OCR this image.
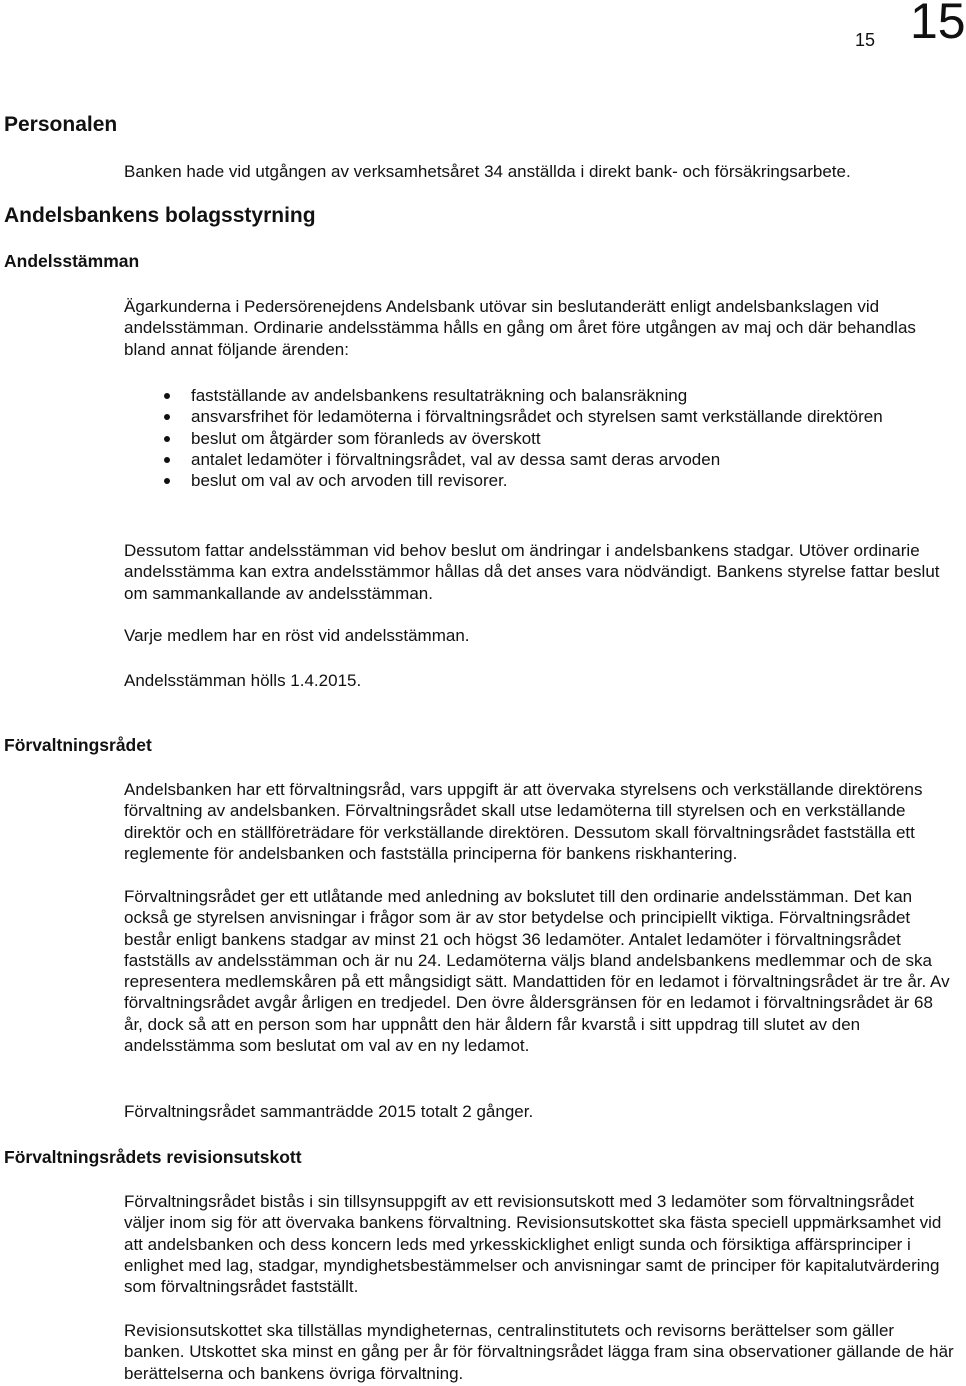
15 15
Personalen

Banken hade vid utgången av verksamhetsåret 34 anställda i direkt bank- och försäkringsarbete.

Andelsbankens bolagsstyrning
Andelsstämman

Ägarkunderna i Pedersörenejdens Andelsbank utövar sin beslutanderätt enligt andelsbankslagen vid andelsstämman. Ordinarie andelsstämma hålls en gång om året före utgången av maj och där behandlas bland annat följande ärenden:

fastställande av andelsbankens resultaträkning och balansräkning
ansvarsfrihet för ledamöterna i förvaltningsrådet och styrelsen samt verkställande direktören
beslut om åtgärder som föranleds av överskott
antalet ledamöter i förvaltningsrådet, val av dessa samt deras arvoden
beslut om val av och arvoden till revisorer.

Dessutom fattar andelsstämman vid behov beslut om ändringar i andelsbankens stadgar. Utöver ordinarie andelsstämma kan extra andelsstämmor hållas då det anses vara nödvändigt. Bankens styrelse fattar beslut om sammankallande av andelsstämman.

Varje medlem har en röst vid andelsstämman.

Andelsstämman hölls 1.4.2015.

Förvaltningsrådet

Andelsbanken har ett förvaltningsråd, vars uppgift är att övervaka styrelsens och verkställande direktörens förvaltning av andelsbanken. Förvaltningsrådet skall utse ledamöterna till styrelsen och en verkställande direktör och en ställföreträdare för verkställande direktören. Dessutom skall förvaltningsrådet fastställa ett reglemente för andelsbanken och fastställa principerna för bankens riskhantering.

Förvaltningsrådet ger ett utlåtande med anledning av bokslutet till den ordinarie andelsstämman. Det kan också ge styrelsen anvisningar i frågor som är av stor betydelse och principiellt viktiga. Förvaltningsrådet består enligt bankens stadgar av minst 21 och högst 36 ledamöter. Antalet ledamöter i förvaltningsrådet fastställs av andelsstämman och är nu 24. Ledamöterna väljs bland andelsbankens medlemmar och de ska representera medlemskåren på ett mångsidigt sätt. Mandattiden för en ledamot i förvaltningsrådet är tre år. Av förvaltningsrådet avgår årligen en tredjedel. Den övre åldersgränsen för en ledamot i förvaltningsrådet är 68 år, dock så att en person som har uppnått den här åldern får kvarstå i sitt uppdrag till slutet av den andelsstämma som beslutat om val av en ny ledamot.

Förvaltningsrådet sammanträdde 2015 totalt 2 gånger.

Förvaltningsrådets revisionsutskott

Förvaltningsrådet bistås i sin tillsynsuppgift av ett revisionsutskott med 3 ledamöter som förvaltningsrådet väljer inom sig för att övervaka bankens förvaltning. Revisionsutskottet ska fästa speciell uppmärksamhet vid att andelsbanken och dess koncern leds med yrkesskicklighet enligt sunda och försiktiga affärsprinciper i enlighet med lag, stadgar, myndighetsbestämmelser och anvisningar samt de principer för kapitalutvärdering som förvaltningsrådet fastställt.

Revisionsutskottet ska tillställas myndigheternas, centralinstitutets och revisorns berättelser som gäller banken. Utskottet ska minst en gång per år för förvaltningsrådet lägga fram sina observationer gällande de här berättelserna och bankens övriga förvaltning.
